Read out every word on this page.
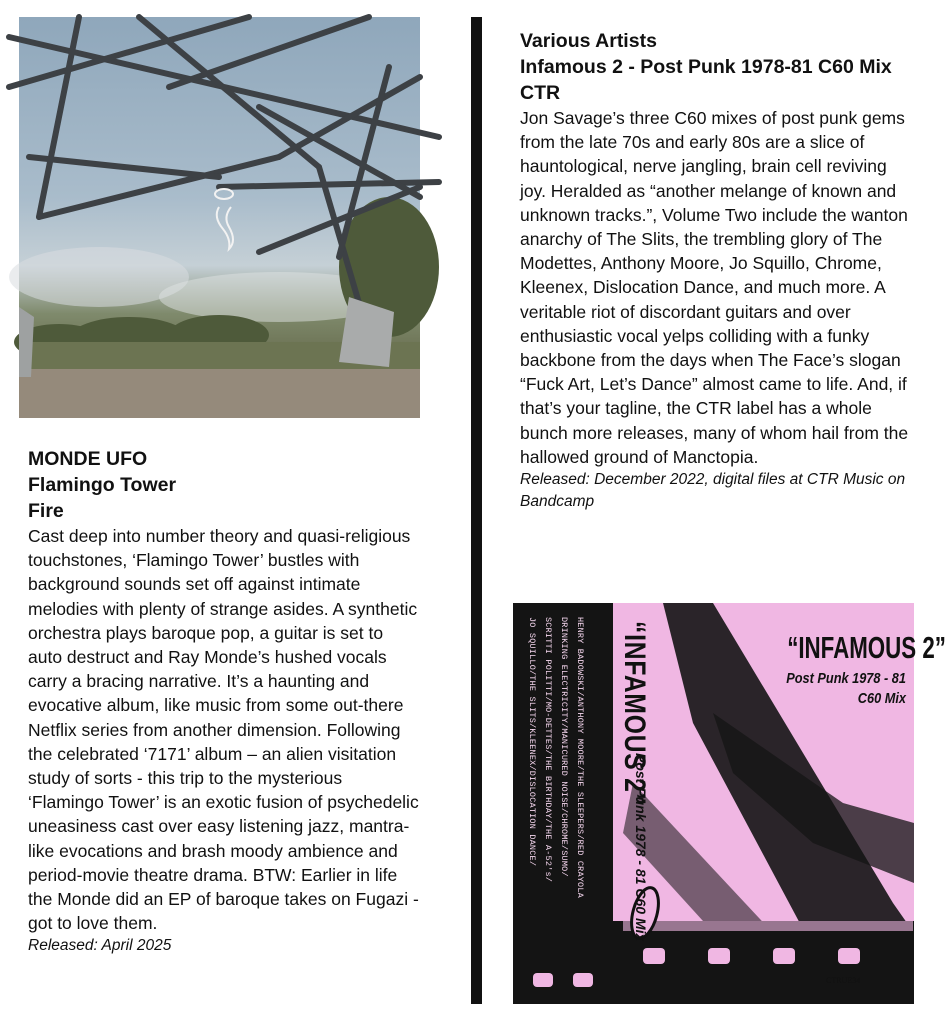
MONDE UFO

Flamingo Tower

Fire

Cast deep into number theory and quasi-religious touchstones, ‘Flamingo Tower’ bustles with background sounds set off against intimate melodies with plenty of strange asides. A synthetic orchestra plays baroque pop, a guitar is set to auto destruct and Ray Monde’s hushed vocals carry a bracing narrative. It’s a haunting and evocative album, like music from some out-there Netflix series from another dimension. Following the celebrated ‘7171’ album – an alien visitation study of sorts - this trip to the mysterious ‘Flamingo Tower’ is an exotic fusion of psychedelic uneasiness cast over easy listening jazz, mantra-like evocations and brash moody ambience and period-movie theatre drama. BTW: Earlier in life the Monde did an EP of baroque takes on Fugazi - got to love them.

Released: April 2025

Various Artists

Infamous 2 - Post Punk 1978-81 C60 Mix

CTR

Jon Savage’s three C60 mixes of post punk gems from the late 70s and early 80s are a slice of hauntological, nerve jangling, brain cell reviving joy. Heralded as “another melange of known and unknown tracks.”, Volume Two include the wanton anarchy of The Slits, the trembling glory of The Modettes, Anthony Moore, Jo Squillo, Chrome, Kleenex, Dislocation Dance, and much more. A veritable riot of discordant guitars and over enthusiastic vocal yelps colliding with a funky backbone from the days when The Face’s slogan “Fuck Art, Let’s Dance” almost came to life. And, if that’s your tagline, the CTR label has a whole bunch more releases, many of whom hail from the hallowed ground of Manctopia.

Released: December 2022, digital files at CTR Music on Bandcamp

JO SQUILLO/THE SLITS/KLEENEX/DISLOCATION DANCE/ SCRITTI POLITTI/MO-DETTES/THE BIRTHDAY/THE A-52's/ DRINKING ELECTRICITY/MANICURED NOISE/CHROME/SUMO/ HENRY BADOWSKI/ANTHONY MOORE/THE SLEEPERS/RED CRAYOLA “INFAMOUS 2”
Post Punk 1978 - 81 C60 Mix
“INFAMOUS 2”
Post Punk 1978 - 81
C60 Mix
CTRUE34
